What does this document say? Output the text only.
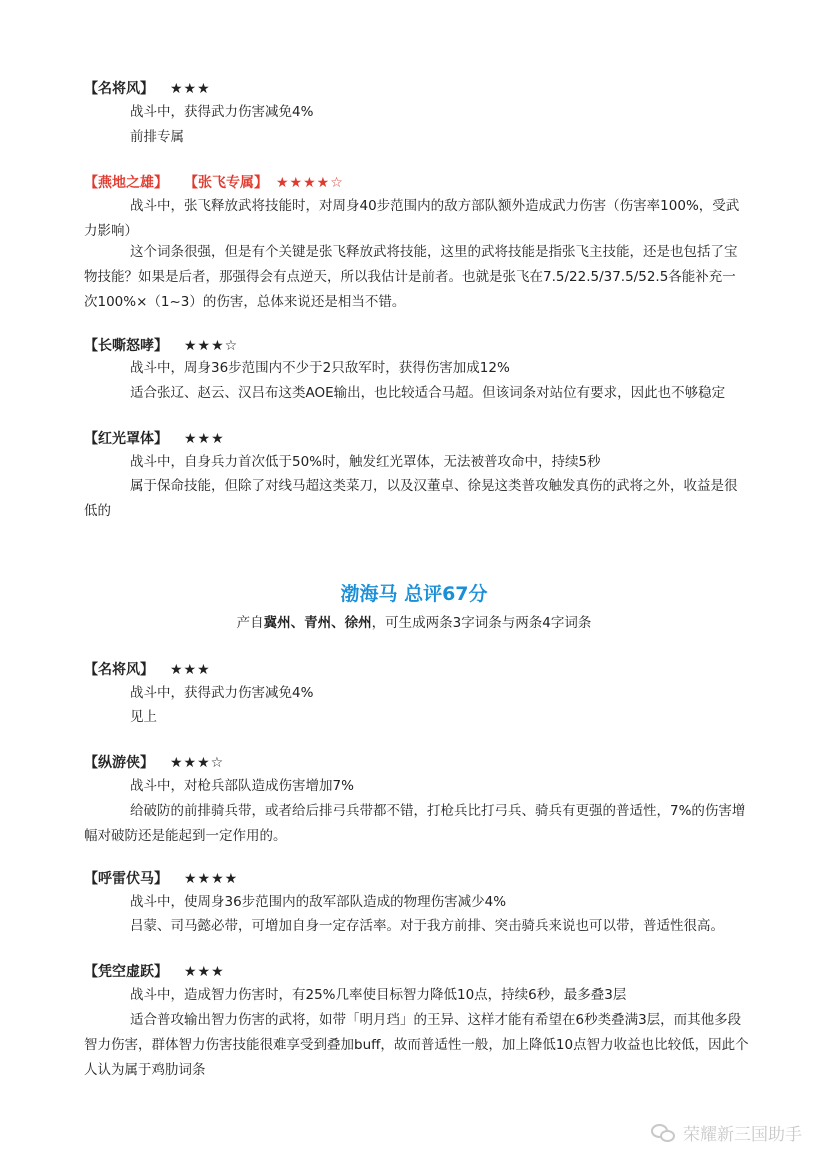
【名将风】 ★★★
战斗中，获得武力伤害减免4%
前排专属
【燕地之雄】 【张飞专属】 ★★★★☆
战斗中，张飞释放武将技能时，对周身40步范围内的敌方部队额外造成武力伤害（伤害率100%，受武力影响）
这个词条很强，但是有个关键是张飞释放武将技能，这里的武将技能是指张飞主技能，还是也包括了宝物技能？如果是后者，那强得会有点逆天，所以我估计是前者。也就是张飞在7.5/22.5/37.5/52.5各能补充一次100%×（1~3）的伤害，总体来说还是相当不错。
【长嘶怒哮】 ★★★☆
战斗中，周身36步范围内不少于2只敌军时，获得伤害加成12%
适合张辽、赵云、汉吕布这类AOE输出，也比较适合马超。但该词条对站位有要求，因此也不够稳定
【红光罩体】 ★★★
战斗中，自身兵力首次低于50%时，触发红光罩体，无法被普攻命中，持续5秒
属于保命技能，但除了对线马超这类菜刀，以及汉董卓、徐晃这类普攻触发真伤的武将之外，收益是很低的
渤海马 总评67分
产自冀州、青州、徐州，可生成两条3字词条与两条4字词条
【名将风】 ★★★
战斗中，获得武力伤害减免4%
见上
【纵游侠】 ★★★☆
战斗中，对枪兵部队造成伤害增加7%
给破防的前排骑兵带，或者给后排弓兵带都不错，打枪兵比打弓兵、骑兵有更强的普适性，7%的伤害增幅对破防还是能起到一定作用的。
【呼雷伏马】 ★★★★
战斗中，使周身36步范围内的敌军部队造成的物理伤害减少4%
吕蒙、司马懿必带，可增加自身一定存活率。对于我方前排、突击骑兵来说也可以带，普适性很高。
【凭空虚跃】 ★★★
战斗中，造成智力伤害时，有25%几率使目标智力降低10点，持续6秒，最多叠3层
适合普攻输出智力伤害的武将，如带「明月珰」的王异、这样才能有希望在6秒类叠满3层，而其他多段智力伤害，群体智力伤害技能很难享受到叠加buff，故而普适性一般，加上降低10点智力收益也比较低，因此个人认为属于鸡肋词条
荣耀新三国助手
